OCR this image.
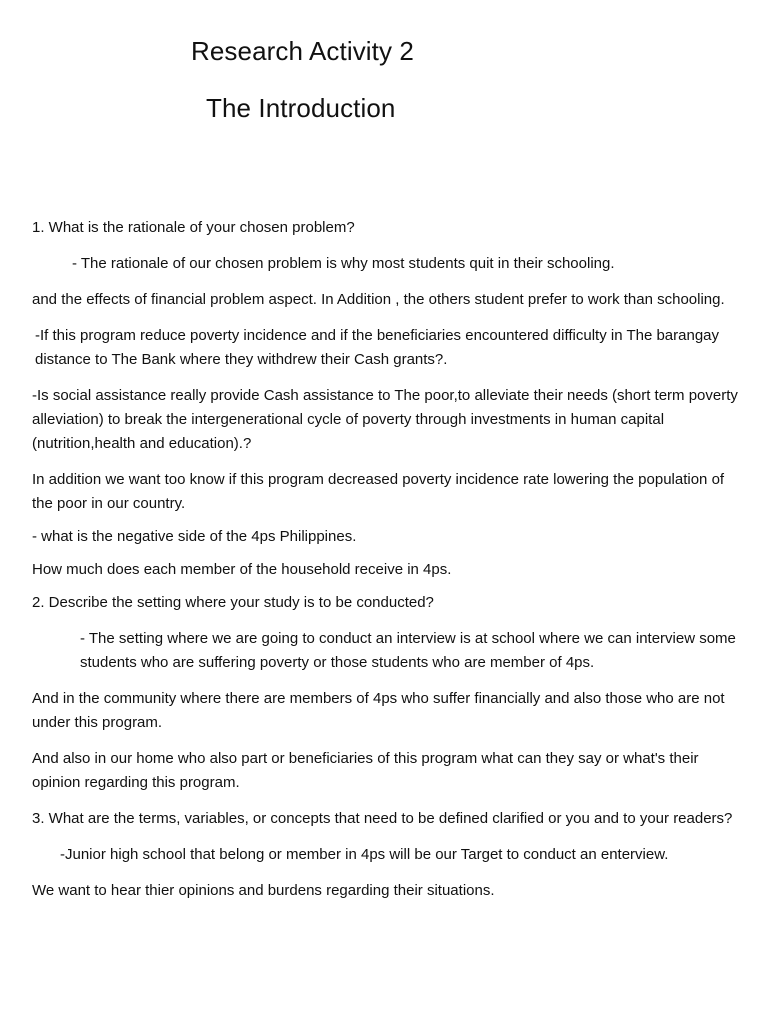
Research Activity 2
The Introduction

1. What is the rationale of your chosen problem?

- The rationale of our chosen problem is why most students quit in their schooling.

and the effects of financial problem aspect. In Addition , the others student prefer to work than schooling.

-If this program reduce poverty incidence and if the beneficiaries encountered difficulty in The barangay distance to The Bank where they withdrew their Cash grants?.

-Is social assistance really provide Cash assistance to The poor,to alleviate their needs (short term poverty alleviation) to break the intergenerational cycle of poverty through investments in human capital (nutrition,health and education).?

In addition we want too know if this program decreased poverty incidence rate lowering the population of the poor in our country.

- what is the negative side of the 4ps Philippines.

How much does each member of the household receive in 4ps.

2. Describe the setting where your study is to be conducted?

- The setting where we are going to conduct an interview is at school where we can interview some students who are suffering poverty or those students who are member of 4ps.

And in the community where there are members of 4ps who suffer financially and also those who are not under this program.

And also in our home who also part or beneficiaries of this program what can they say or what's their opinion regarding this program.

3. What are the terms, variables, or concepts that need to be defined clarified or you and to your readers?

-Junior high school that belong or member in 4ps will be our Target to conduct an enterview.

We want to hear thier opinions and burdens regarding their situations.
